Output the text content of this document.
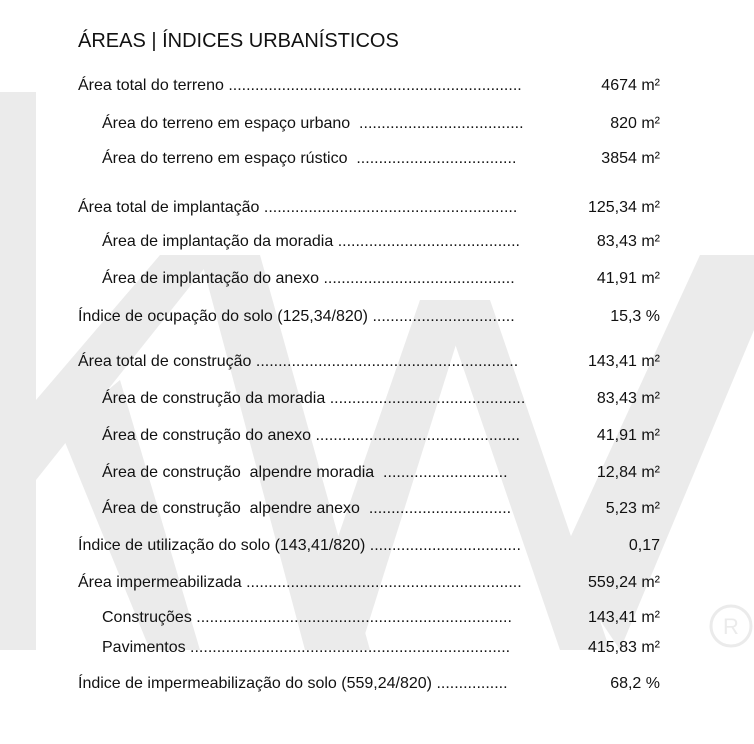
R
ÁREAS | ÍNDICES URBANÍSTICOS
Área total do terreno ..................................................................	4674 m²
Área do terreno em espaço urbano  .....................................	820 m²
Área do terreno em espaço rústico  ....................................	3854 m²
Área total de implantação .........................................................	125,34 m²
Área de implantação da moradia .........................................	83,43 m²
Área de implantação do anexo ...........................................	41,91 m²
Índice de ocupação do solo (125,34/820) ................................	15,3 %
Área total de construção ...........................................................	143,41 m²
Área de construção da moradia ............................................	83,43 m²
Área de construção do anexo ..............................................	41,91 m²
Área de construção  alpendre moradia  ............................	12,84 m²
Área de construção  alpendre anexo  ................................	5,23 m²
Índice de utilização do solo (143,41/820) ..................................	0,17
Área impermeabilizada ..............................................................	559,24 m²
Construções .......................................................................	143,41 m²
Pavimentos ........................................................................	415,83 m²
Índice de impermeabilização do solo (559,24/820) ................	68,2 %
